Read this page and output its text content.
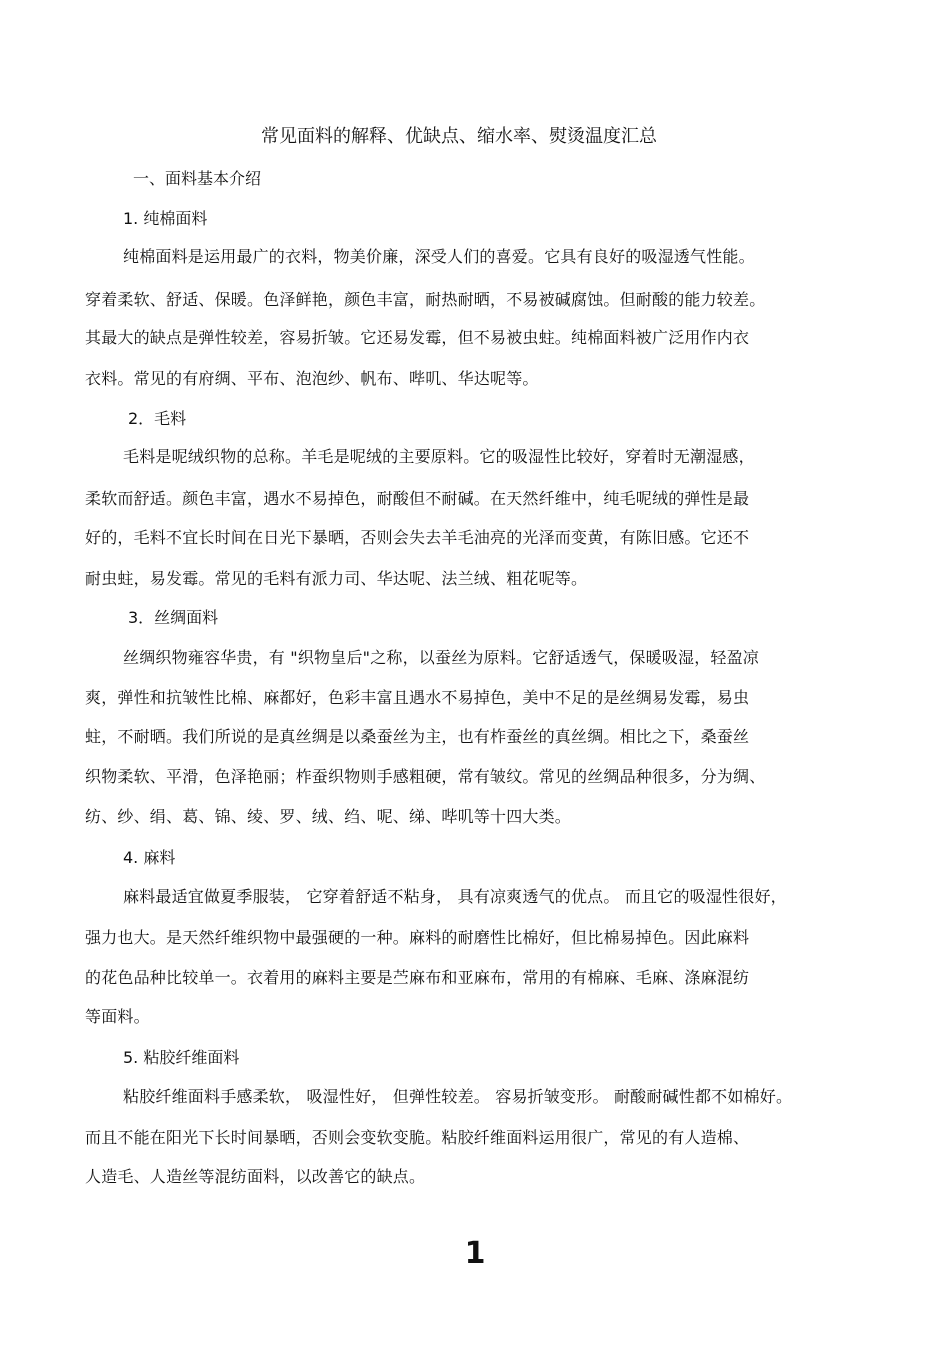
常见面料的解释、优缺点、缩水率、熨烫温度汇总
一、面料基本介绍
1. 纯棉面料
纯棉面料是运用最广的衣料，物美价廉，深受人们的喜爱。它具有良好的吸湿透气性能。
穿着柔软、舒适、保暖。色泽鲜艳，颜色丰富，耐热耐晒，不易被碱腐蚀。但耐酸的能力较差。
其最大的缺点是弹性较差，容易折皱。它还易发霉，但不易被虫蛀。纯棉面料被广泛用作内衣
衣料。常见的有府绸、平布、泡泡纱、帆布、哔叽、华达呢等。
2．毛料
毛料是呢绒织物的总称。羊毛是呢绒的主要原料。它的吸湿性比较好，穿着时无潮湿感，
柔软而舒适。颜色丰富，遇水不易掉色，耐酸但不耐碱。在天然纤维中，纯毛呢绒的弹性是最
好的，毛料不宜长时间在日光下暴晒，否则会失去羊毛油亮的光泽而变黄，有陈旧感。它还不
耐虫蛀，易发霉。常见的毛料有派力司、华达呢、法兰绒、粗花呢等。
3．丝绸面料
丝绸织物雍容华贵，有 "织物皇后"之称，以蚕丝为原料。它舒适透气，保暖吸湿，轻盈凉
爽，弹性和抗皱性比棉、麻都好，色彩丰富且遇水不易掉色，美中不足的是丝绸易发霉，易虫
蛀，不耐晒。我们所说的是真丝绸是以桑蚕丝为主，也有柞蚕丝的真丝绸。相比之下，桑蚕丝
织物柔软、平滑，色泽艳丽；柞蚕织物则手感粗硬，常有皱纹。常见的丝绸品种很多，分为绸、
纺、纱、绢、葛、锦、绫、罗、绒、绉、呢、绨、哔叽等十四大类。
4. 麻料
麻料最适宜做夏季服装， 它穿着舒适不粘身， 具有凉爽透气的优点。 而且它的吸湿性很好，
强力也大。是天然纤维织物中最强硬的一种。麻料的耐磨性比棉好，但比棉易掉色。因此麻料
的花色品种比较单一。衣着用的麻料主要是苎麻布和亚麻布，常用的有棉麻、毛麻、涤麻混纺
等面料。
5. 粘胶纤维面料
粘胶纤维面料手感柔软， 吸湿性好， 但弹性较差。 容易折皱变形。 耐酸耐碱性都不如棉好。
而且不能在阳光下长时间暴晒，否则会变软变脆。粘胶纤维面料运用很广，常见的有人造棉、
人造毛、人造丝等混纺面料，以改善它的缺点。
1
